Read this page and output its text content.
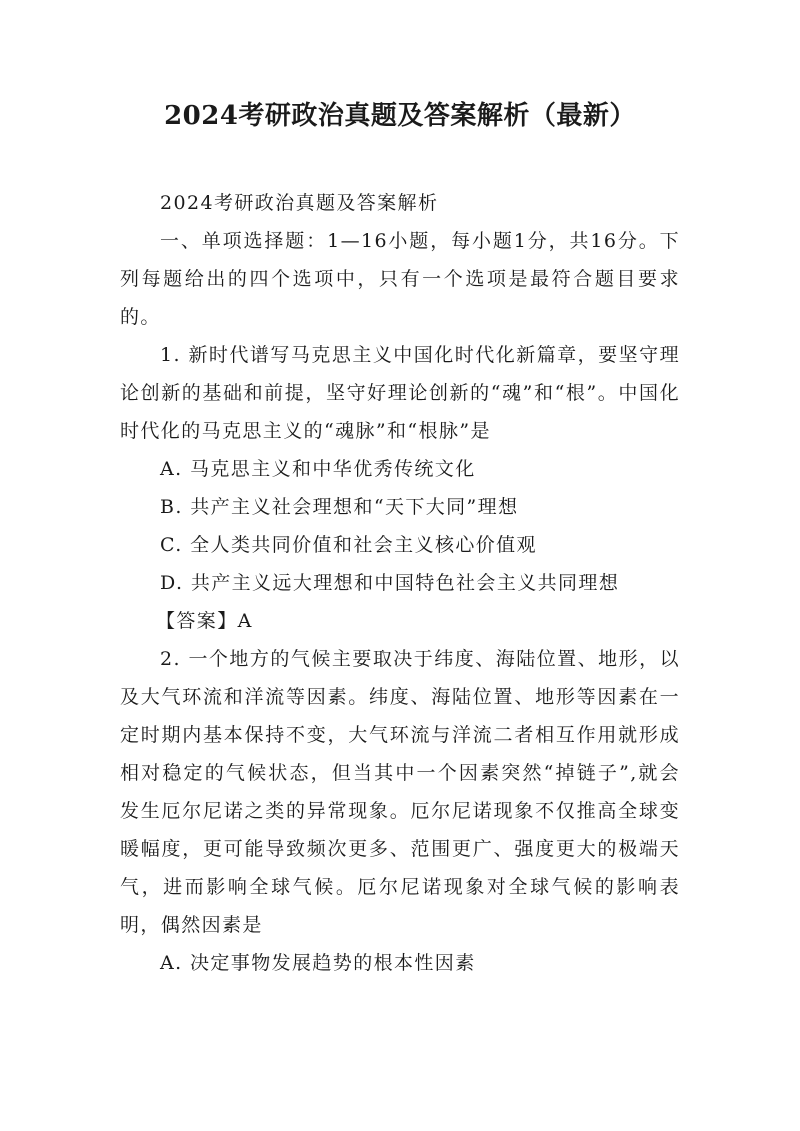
2024考研政治真题及答案解析（最新）

2024考研政治真题及答案解析

一、单项选择题：1—16小题，每小题1分，共16分。下列每题给出的四个选项中，只有一个选项是最符合题目要求的。

1. 新时代谱写马克思主义中国化时代化新篇章，要坚守理论创新的基础和前提，坚守好理论创新的“魂”和“根”。中国化时代化的马克思主义的“魂脉”和“根脉”是

A. 马克思主义和中华优秀传统文化

B. 共产主义社会理想和“天下大同”理想

C. 全人类共同价值和社会主义核心价值观

D. 共产主义远大理想和中国特色社会主义共同理想

【答案】A

2. 一个地方的气候主要取决于纬度、海陆位置、地形，以及大气环流和洋流等因素。纬度、海陆位置、地形等因素在一定时期内基本保持不变，大气环流与洋流二者相互作用就形成相对稳定的气候状态，但当其中一个因素突然“掉链子”,就会发生厄尔尼诺之类的异常现象。厄尔尼诺现象不仅推高全球变暖幅度，更可能导致频次更多、范围更广、强度更大的极端天气，进而影响全球气候。厄尔尼诺现象对全球气候的影响表明，偶然因素是

A. 决定事物发展趋势的根本性因素
